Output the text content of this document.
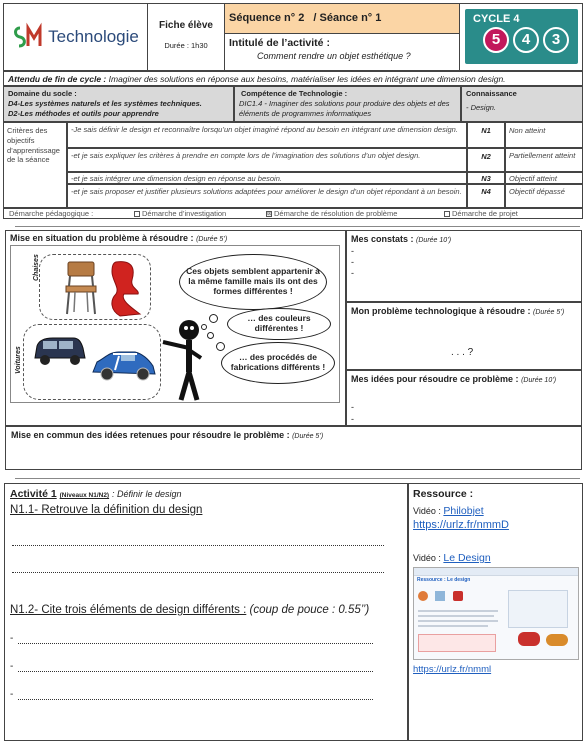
Technologie
Fiche élève
Durée : 1h30
Séquence n° 2 / Séance n° 1
Intitulé de l’activité :
Comment rendre un objet esthétique ?
CYCLE 4
5	4	3
Attendu de fin de cycle : Imaginer des solutions en réponse aux besoins, matérialiser les idées en intégrant une dimension design.
Domaine du socle :
D4-Les systèmes naturels et les systèmes techniques.
D2-Les méthodes et outils pour apprendre
Compétence de Technologie :
DIC1.4 - Imaginer des solutions pour produire des objets et des éléments de programmes informatiques
Connaissance
- Design.
Critères des objectifs d’apprentissage de la séance
-Je sais définir le design et reconnaître lorsqu’un objet imaginé répond au besoin en intégrant une dimension design.	N1	Non atteint
-et je sais expliquer les critères à prendre en compte lors de l’imagination des solutions d’un objet design.	N2	Partiellement atteint
-et je sais intégrer une dimension design en réponse au besoin.	N3	Objectif atteint
-et je sais proposer et justifier plusieurs solutions adaptées pour améliorer le design d’un objet répondant à un besoin.	N4	Objectif dépassé
Démarche pédagogique :	Démarche d’investigation	⊠ Démarche de résolution de problème	Démarche de projet
Mise en situation du problème à résoudre : (Durée 5’)
Chaises
Voitures
Ces objets semblent appartenir à la même famille mais ils ont des formes différentes !
… des couleurs différentes !
… des procédés de fabrications différents !
Mes constats : (Durée 10’)
-
-
-
Mon problème technologique à résoudre : (Durée 5’)
. . . ?
Mes idées pour résoudre ce problème : (Durée 10’)
-
-
Mise en commun des idées retenues pour résoudre le problème : (Durée 5’)
Activité 1 (Niveaux N1/N2) : Définir le design
N1.1- Retrouve la définition du design
N1.2- Cite trois éléments de design différents : (coup de pouce : 0.55’’)
-
-
-
Ressource :
Vidéo : Philobjet
https://urlz.fr/nmmD
Vidéo : Le Design
Ressource : Le design

https://urlz.fr/nmml
